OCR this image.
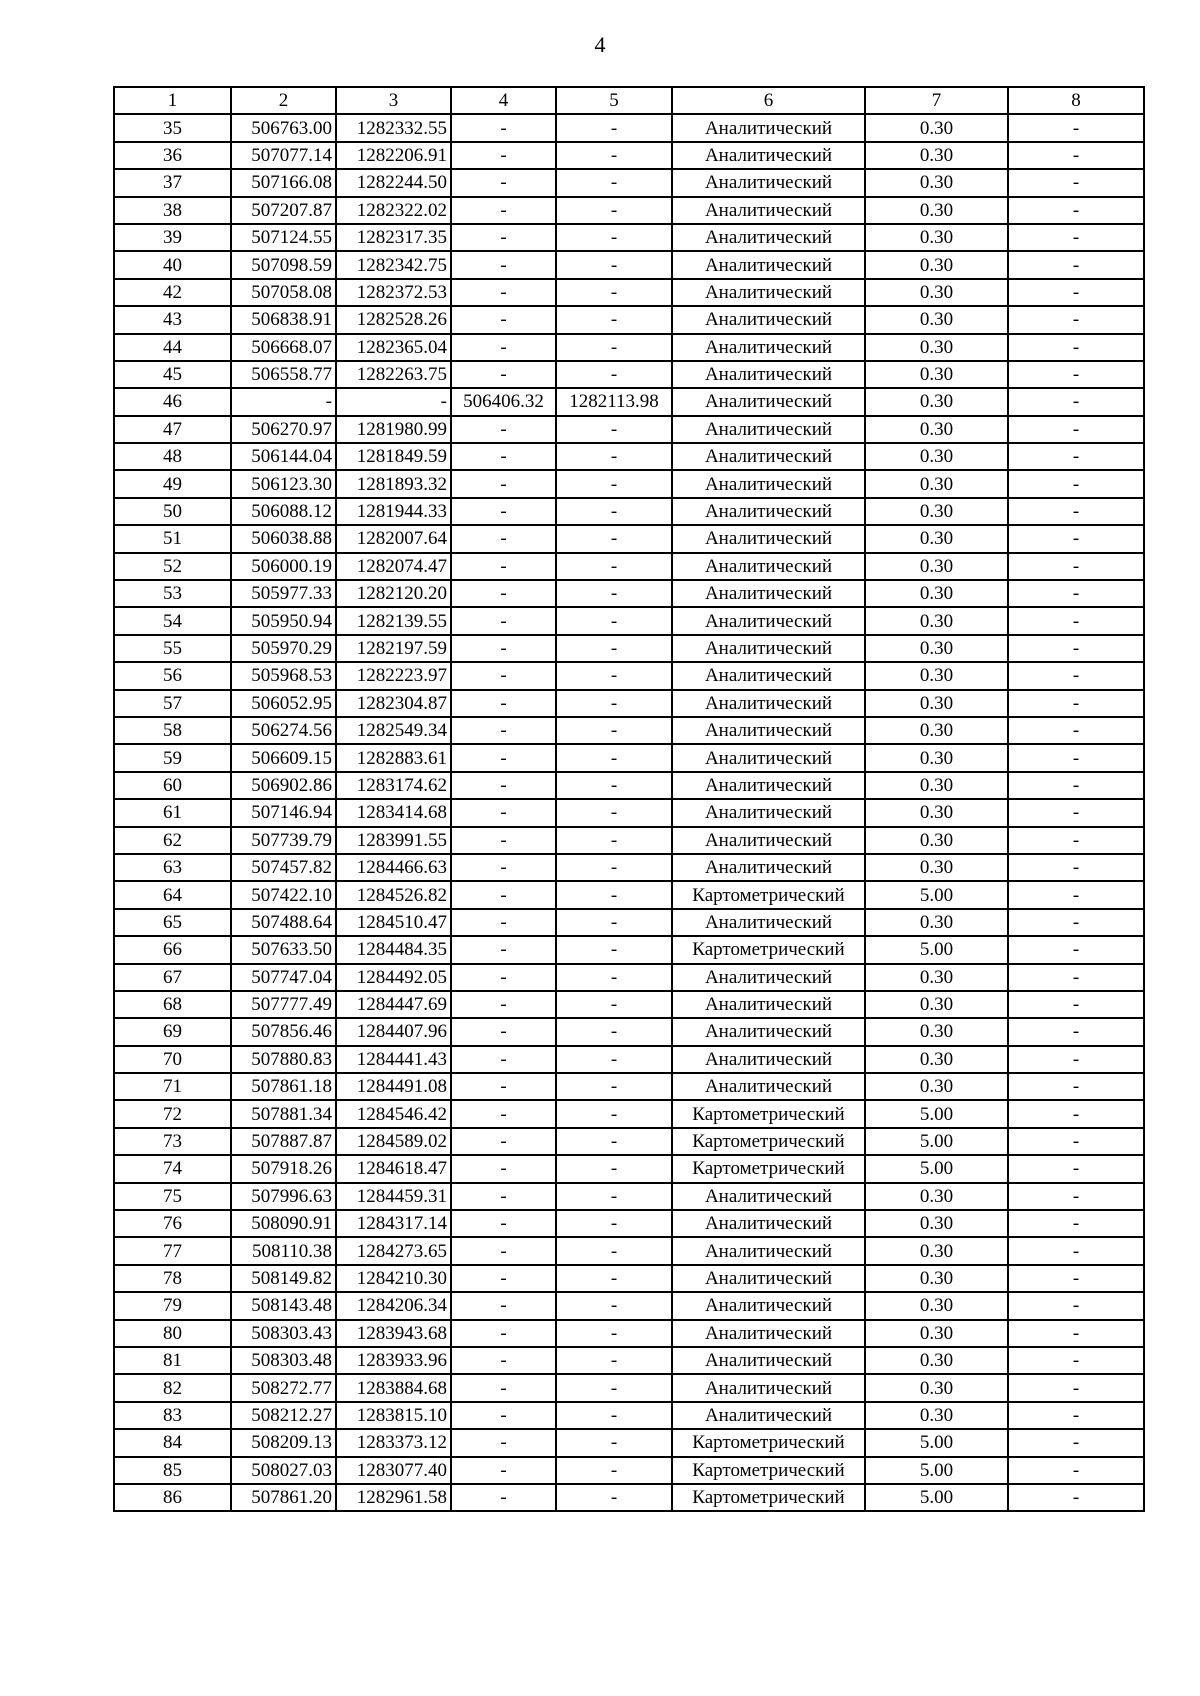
4
1	2	3	4	5	6	7	8
35	506763.00	1282332.55	-	-	Аналитический	0.30	-
36	507077.14	1282206.91	-	-	Аналитический	0.30	-
37	507166.08	1282244.50	-	-	Аналитический	0.30	-
38	507207.87	1282322.02	-	-	Аналитический	0.30	-
39	507124.55	1282317.35	-	-	Аналитический	0.30	-
40	507098.59	1282342.75	-	-	Аналитический	0.30	-
42	507058.08	1282372.53	-	-	Аналитический	0.30	-
43	506838.91	1282528.26	-	-	Аналитический	0.30	-
44	506668.07	1282365.04	-	-	Аналитический	0.30	-
45	506558.77	1282263.75	-	-	Аналитический	0.30	-
46	-	-	506406.32	1282113.98	Аналитический	0.30	-
47	506270.97	1281980.99	-	-	Аналитический	0.30	-
48	506144.04	1281849.59	-	-	Аналитический	0.30	-
49	506123.30	1281893.32	-	-	Аналитический	0.30	-
50	506088.12	1281944.33	-	-	Аналитический	0.30	-
51	506038.88	1282007.64	-	-	Аналитический	0.30	-
52	506000.19	1282074.47	-	-	Аналитический	0.30	-
53	505977.33	1282120.20	-	-	Аналитический	0.30	-
54	505950.94	1282139.55	-	-	Аналитический	0.30	-
55	505970.29	1282197.59	-	-	Аналитический	0.30	-
56	505968.53	1282223.97	-	-	Аналитический	0.30	-
57	506052.95	1282304.87	-	-	Аналитический	0.30	-
58	506274.56	1282549.34	-	-	Аналитический	0.30	-
59	506609.15	1282883.61	-	-	Аналитический	0.30	-
60	506902.86	1283174.62	-	-	Аналитический	0.30	-
61	507146.94	1283414.68	-	-	Аналитический	0.30	-
62	507739.79	1283991.55	-	-	Аналитический	0.30	-
63	507457.82	1284466.63	-	-	Аналитический	0.30	-
64	507422.10	1284526.82	-	-	Картометрический	5.00	-
65	507488.64	1284510.47	-	-	Аналитический	0.30	-
66	507633.50	1284484.35	-	-	Картометрический	5.00	-
67	507747.04	1284492.05	-	-	Аналитический	0.30	-
68	507777.49	1284447.69	-	-	Аналитический	0.30	-
69	507856.46	1284407.96	-	-	Аналитический	0.30	-
70	507880.83	1284441.43	-	-	Аналитический	0.30	-
71	507861.18	1284491.08	-	-	Аналитический	0.30	-
72	507881.34	1284546.42	-	-	Картометрический	5.00	-
73	507887.87	1284589.02	-	-	Картометрический	5.00	-
74	507918.26	1284618.47	-	-	Картометрический	5.00	-
75	507996.63	1284459.31	-	-	Аналитический	0.30	-
76	508090.91	1284317.14	-	-	Аналитический	0.30	-
77	508110.38	1284273.65	-	-	Аналитический	0.30	-
78	508149.82	1284210.30	-	-	Аналитический	0.30	-
79	508143.48	1284206.34	-	-	Аналитический	0.30	-
80	508303.43	1283943.68	-	-	Аналитический	0.30	-
81	508303.48	1283933.96	-	-	Аналитический	0.30	-
82	508272.77	1283884.68	-	-	Аналитический	0.30	-
83	508212.27	1283815.10	-	-	Аналитический	0.30	-
84	508209.13	1283373.12	-	-	Картометрический	5.00	-
85	508027.03	1283077.40	-	-	Картометрический	5.00	-
86	507861.20	1282961.58	-	-	Картометрический	5.00	-
